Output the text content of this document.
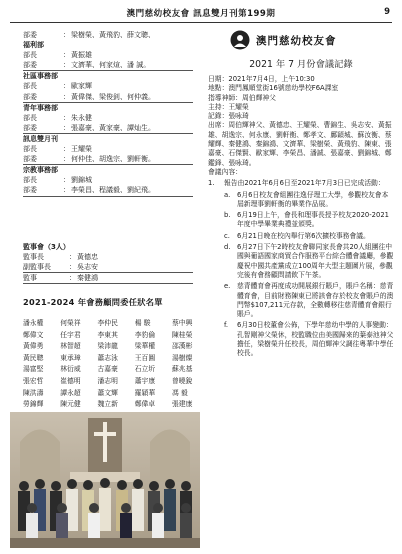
澳門慈幼校友會 訊息雙月刊第199期	9
部委	：梁樹榮、黃飛豹、薛文聰、
福利部
部長	：黃振雄
部委	：文濟華、何家煊、潘 誠。
社區事務部
部長	：歐家輝
部委	：黃偉傑、梁俊釗、何仲義。
青年事務部
部長	：朱永健
部委	：張嘉豪、黃家豪、譚灿生。
訊息雙月刊
部長	：王耀榮
部委	：何仲佳、胡逸宗、劉軒衡。
宗教事務部
部長	：劉錦城
部委	：李榮昌、程議毅、劉紀飛。
監事會（3人）
監事長	：黃德忠
副監事長	：吳志安
監事	：秦健鴻
2021-2024 年會務顧問委任狀名單
潘永權	何榮祥	李仲民	楊 駿	蔡中興
鄭偉文	任宇君	李東其	李豹倫	陳桂榮
黃偉勇	林智超	梁沛龍	梁華權	邵漢彬
黃民聰	東承璋	蕭志泳	王百圓	湯樹燦
湯富堅	林衍威	古嘉豪	石立圻	蘇兆基
張宏哲	崔德明	潘志明	蕭宇康	曾曉銳
陳洪濤	譚永超	蕭文輝	羅穎華	馮 毅
勞錦輝	陳元健	魏立新	鄭偉卓	張建康
澳門慈幼校友會
2021 年 7 月份會議記錄
日期：2021年7月4日，上午10:30
地點：澳門鳳順堂街16號慈幼學校F6A課室
指導神師：周伯輝神父
主持：王耀榮
記錄：張咏琦
出席：周伯輝神父、黃德忠、王耀榮、曹錦生、吳志安、黃振雄、胡逸宗、何永康、劉軒衡、鄭孝文、鄺穎城、蘇汝衡、蔡耀輝、秦健鴻、秦錦鴻、文濟華、梁樹榮、黃飛豹、陳東、張嘉豪、石傑賢、歐家輝、李榮昌、潘誠、張嘉豪、劉錦城、鄭鑑鋒、張咏琦。
會議內容：
1.	報告由2021年6月6日至2021年7月3日已完成活動：
a. 6月6日校友會組團往逸仔理工大學，參觀校友會本屆新理事劉軒衡的畢業作品展。
b. 6月19日上午，會長和理事長授予校友2020-2021年度中學畢業典禮並頒獎。
c.	6月21日晚在校內舉行第6次擴校事務會議。
d. 6月27日下午2時校友會聯同家長會共20人組團往中國與葡語國家商貿合作服務平台綜合體會議廳，參觀慶祝中國共產黨成立100周年大型主題圖片展，參觀完後有會務顧問請飲下午茶。
e. 慈青體育會再度成功開展銀行賬戶，賬戶名稱：慈青體育會，目前財務陳東已將該會存於校友會賬戶的澳門幣$107,211元存款，全數轉移往慈青體育會銀行賬戶。
f.	6月30日校董會公佈，下學年慈幼中學的人事變動：孔智剛神父榮休，校監職位由美國歸來的葉泰池神父擔任，梁樹榮升任校長，周伯輝神父調往粵華中學任校長。
